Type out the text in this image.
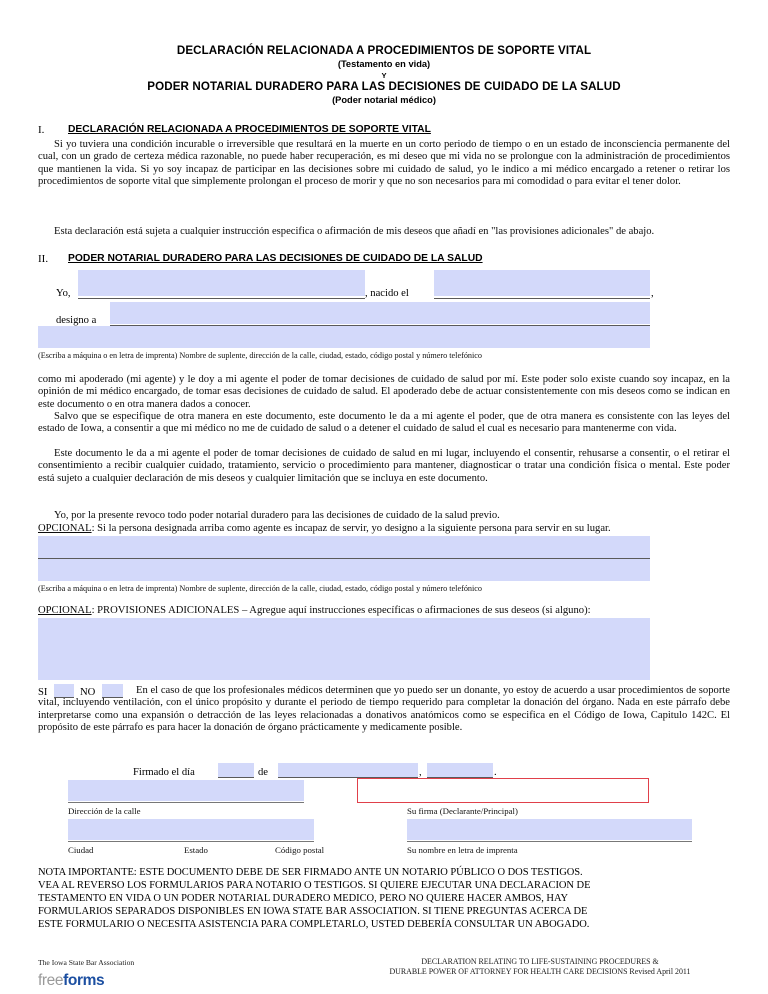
DECLARACIÓN RELACIONADA A PROCEDIMIENTOS DE SOPORTE VITAL
(Testamento en vida)
Y
PODER NOTARIAL DURADERO PARA LAS DECISIONES DE CUIDADO DE LA SALUD
(Poder notarial médico)
I. DECLARACIÓN RELACIONADA A PROCEDIMIENTOS DE SOPORTE VITAL
Si yo tuviera una condición incurable o irreversible que resultará en la muerte en un corto periodo de tiempo o en un estado de inconsciencia permanente del cual, con un grado de certeza médica razonable, no puede haber recuperación, es mi deseo que mi vida no se prolongue con la administración de procedimientos que mantienen la vida. Si yo soy incapaz de participar en las decisiones sobre mi cuidado de salud, yo le indico a mi médico encargado a retener o retirar los procedimientos de soporte vital que simplemente prolongan el proceso de morir y que no son necesarios para mi comodidad o para evitar el tener dolor.
Esta declaración está sujeta a cualquier instrucción especifica o afirmación de mis deseos que añadí en "las provisiones adicionales" de abajo.
II. PODER NOTARIAL DURADERO PARA LAS DECISIONES DE CUIDADO DE LA SALUD
Yo,	, nacido el	,
designo a
(Escriba a máquina o en letra de imprenta) Nombre de suplente, dirección de la calle, ciudad, estado, código postal y número telefónico
como mi apoderado (mi agente) y le doy a mi agente el poder de tomar decisiones de cuidado de salud por mí. Este poder solo existe cuando soy incapaz, en la opinión de mi médico encargado, de tomar esas decisiones de cuidado de salud. El apoderado debe de actuar consistentemente con mis deseos como se indican en este documento o en otra manera dados a conocer.
Salvo que se especifique de otra manera en este documento, este documento le da a mi agente el poder, que de otra manera es consistente con las leyes del estado de Iowa, a consentir a que mi médico no me de cuidado de salud o a detener el cuidado de salud el cual es necesario para mantenerme con vida.
Este documento le da a mi agente el poder de tomar decisiones de cuidado de salud en mi lugar, incluyendo el consentir, rehusarse a consentir, o el retirar el consentimiento a recibir cualquier cuidado, tratamiento, servicio o procedimiento para mantener, diagnosticar o tratar una condición física o mental. Este poder está sujeto a cualquier declaración de mis deseos y cualquier limitación que se incluya en este documento.
Yo, por la presente revoco todo poder notarial duradero para las decisiones de cuidado de la salud previo.
OPCIONAL: Si la persona designada arriba como agente es incapaz de servir, yo designo a la siguiente persona para servir en su lugar.
(Escriba a máquina o en letra de imprenta) Nombre de suplente, dirección de la calle, ciudad, estado, código postal y número telefónico
OPCIONAL: PROVISIONES ADICIONALES – Agregue aquí instrucciones específicas o afirmaciones de sus deseos (si alguno):
SI	NO	En el caso de que los profesionales médicos determinen que yo puedo ser un donante, yo estoy de acuerdo a usar procedimientos de soporte vital, incluyendo ventilación, con el único propósito y durante el periodo de tiempo requerido para completar la donación del órgano. Nada en este párrafo debe interpretarse como una expansión o detracción de las leyes relacionadas a donativos anatómicos como se especifica en el Código de Iowa, Capitulo 142C. El propósito de este párrafo es para hacer la donación de órgano prácticamente y medicamente posible.
Firmado el día	de	,	.
Dirección de la calle	Su firma (Declarante/Principal)
Ciudad	Estado	Código postal	Su nombre en letra de imprenta

NOTA IMPORTANTE: ESTE DOCUMENTO DEBE DE SER FIRMADO ANTE UN NOTARIO PÚBLICO O DOS TESTIGOS.

VEA AL REVERSO LOS FORMULARIOS PARA NOTARIO O TESTIGOS. SI QUIERE EJECUTAR UNA DECLARACION DE

TESTAMENTO EN VIDA O UN PODER NOTARIAL DURADERO MEDICO, PERO NO QUIERE HACER AMBOS, HAY

FORMULARIOS SEPARADOS DISPONIBLES EN IOWA STATE BAR ASSOCIATION. SI TIENE PREGUNTAS ACERCA DE

ESTE FORMULARIO O NECESITA ASISTENCIA PARA COMPLETARLO, USTED DEBERÍA CONSULTAR UN ABOGADO.

The Iowa State Bar Association
freeforms
DECLARATION RELATING TO LIFE-SUSTAINING PROCEDURES &
DURABLE POWER OF ATTORNEY FOR HEALTH CARE DECISIONS Revised April 2011
